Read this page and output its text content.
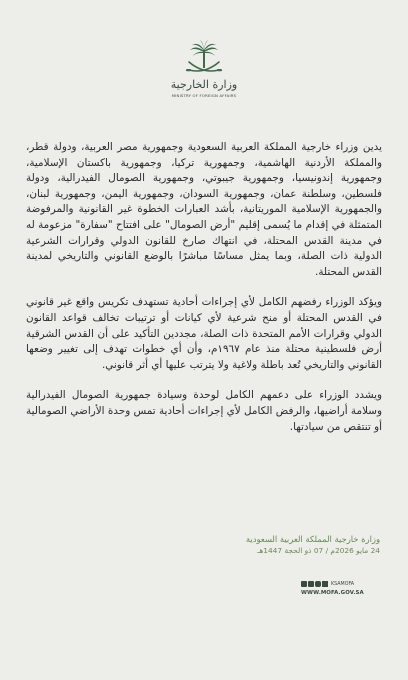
وزارة الخارجية
MINISTRY OF FOREIGN AFFAIRS

يدين وزراء خارجية المملكة العربية السعودية وجمهورية مصر العربية، ودولة قطر، والمملكة الأردنية الهاشمية، وجمهورية تركيا، وجمهورية باكستان الإسلامية، وجمهورية إندونيسيا، وجمهورية جيبوتي، وجمهورية الصومال الفيدرالية، ودولة فلسطين، وسلطنة عمان، وجمهورية السودان، وجمهورية اليمن، وجمهورية لبنان، والجمهورية الإسلامية الموريتانية، بأشد العبارات الخطوة غير القانونية والمرفوضة المتمثلة في إقدام ما يُسمى إقليم "أرض الصومال" على افتتاح "سفارة" مزعومة له في مدينة القدس المحتلة، في انتهاك صارخ للقانون الدولي وقرارات الشرعية الدولية ذات الصلة، وبما يمثل مساسًا مباشرًا بالوضع القانوني والتاريخي لمدينة القدس المحتلة.

ويؤكد الوزراء رفضهم الكامل لأي إجراءات أحادية تستهدف تكريس واقع غير قانوني في القدس المحتلة أو منح شرعية لأي كيانات أو ترتيبات تخالف قواعد القانون الدولي وقرارات الأمم المتحدة ذات الصلة، مجددين التأكيد على أن القدس الشرقية أرض فلسطينية محتلة منذ عام ١٩٦٧م، وأن أي خطوات تهدف إلى تغيير وضعها القانوني والتاريخي تُعد باطلة ولاغية ولا يترتب عليها أي أثر قانوني.

ويشدد الوزراء على دعمهم الكامل لوحدة وسيادة جمهورية الصومال الفيدرالية وسلامة أراضيها، والرفض الكامل لأي إجراءات أحادية تمس وحدة الأراضي الصومالية أو تنتقص من سيادتها.

وزارة خارجية المملكة العربية السعودية
24 مايو 2026م / 07 ذو الحجة 1447هـ
KSAMOFA
WWW.MOFA.GOV.SA
